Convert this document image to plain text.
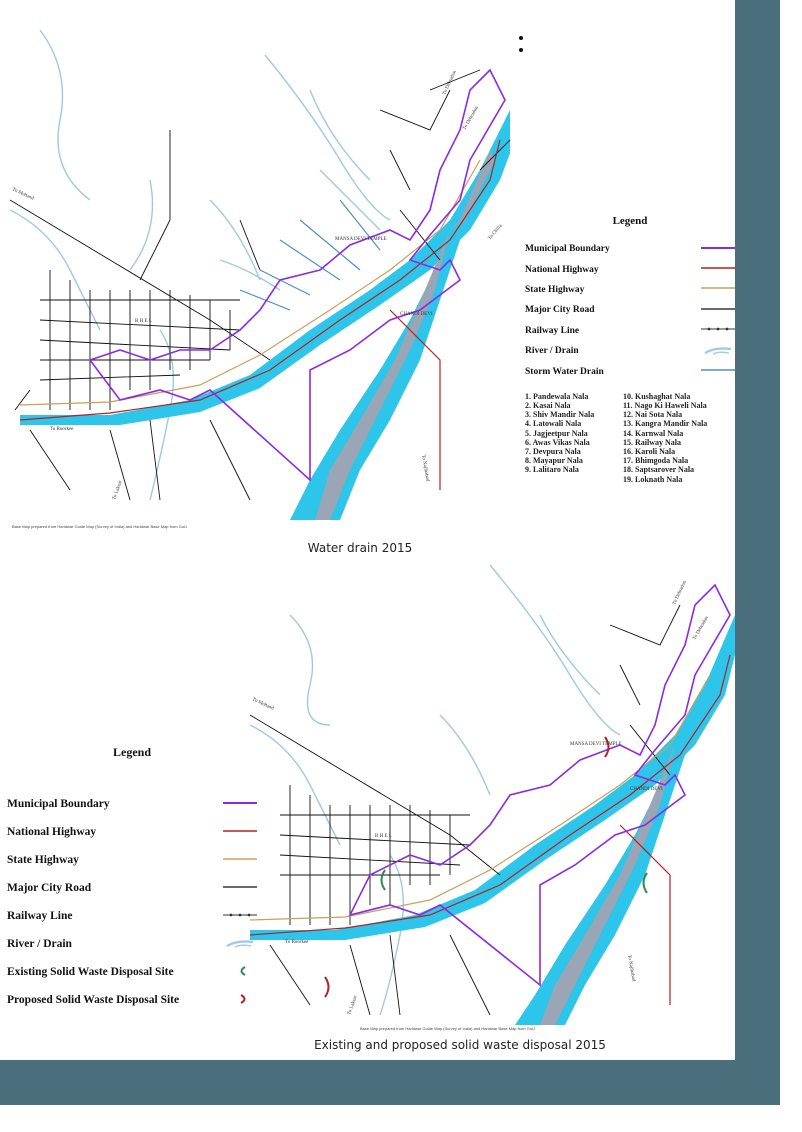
B H E L
To Mohand
To Roorkee
To Laksar
To Najibabad
To Chilla
To Dehradun
To Dehradun
MANSA DEVI TEMPLE
CHANDI DEVI
Base Map prepared from Haridwar Guide Map (Survey of India) and Haridwar Base Map from GoU
Water drain 2015
Legend
Municipal Boundary
National Highway
State Highway
Major City Road
Railway Line
River / Drain
Storm Water Drain
1. Pandewala Nala
2. Kasai Nala
3. Shiv Mandir Nala
4. Latowali Nala
5. Jagjeetpur Nala
6. Awas Vikas Nala
7. Devpura Nala
8. Mayapur Nala
9. Lalitaro Nala
10. Kushaghat Nala
11. Nago Ki Haweli Nala
12. Nai Sota Nala
13. Kangra Mandir Nala
14. Karnwal Nala
15. Railway Nala
16. Karoli Nala
17. Bhimgoda Nala
18. Saptsarover Nala
19. Loknath Nala
B H E L
To Mohand
To Roorkee
To Laksar
To Najibabad
To Dehradun
To Dehradun
MANSA DEVI TEMPLE
CHANDI DEVI
Base Map prepared from Haridwar Guide Map (Survey of India) and Haridwar Base Map from GoU
Existing and proposed solid waste disposal 2015
Legend
Municipal Boundary
National Highway
State Highway
Major City Road
Railway Line
River / Drain
Existing Solid Waste Disposal Site
Proposed Solid Waste Disposal Site
